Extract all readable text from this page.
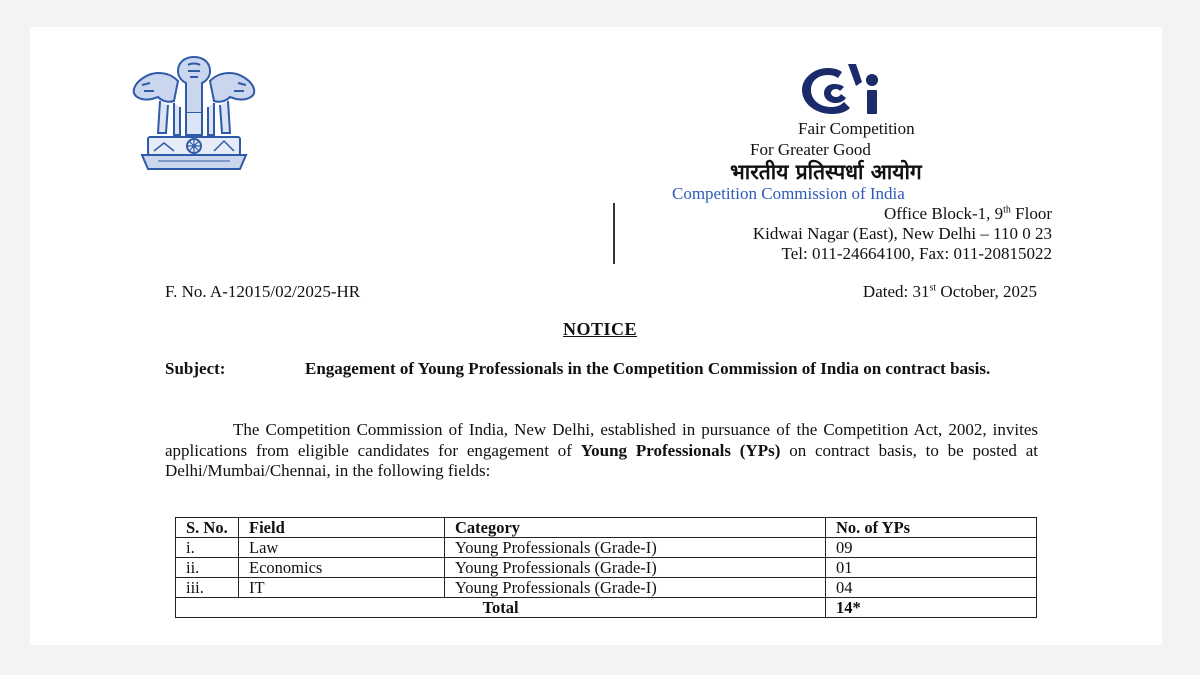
Fair Competition
For Greater Good
भारतीय प्रतिस्पर्धा आयोग
Competition Commission of India
Office Block-1, 9th Floor
Kidwai Nagar (East), New Delhi – 110 0 23
Tel: 011-24664100, Fax: 011-20815022
F. No. A-12015/02/2025-HR	Dated: 31st October, 2025
NOTICE
Subject:	Engagement of Young Professionals in the Competition Commission of India on contract basis.
The Competition Commission of India, New Delhi, established in pursuance of the Competition Act, 2002, invites applications from eligible candidates for engagement of Young Professionals (YPs) on contract basis, to be posted at Delhi/Mumbai/Chennai, in the following fields:
S. No.	Field	Category	No. of YPs
i.	Law	Young Professionals (Grade-I)	09
ii.	Economics	Young Professionals (Grade-I)	01
iii.	IT	Young Professionals (Grade-I)	04
Total			14*
